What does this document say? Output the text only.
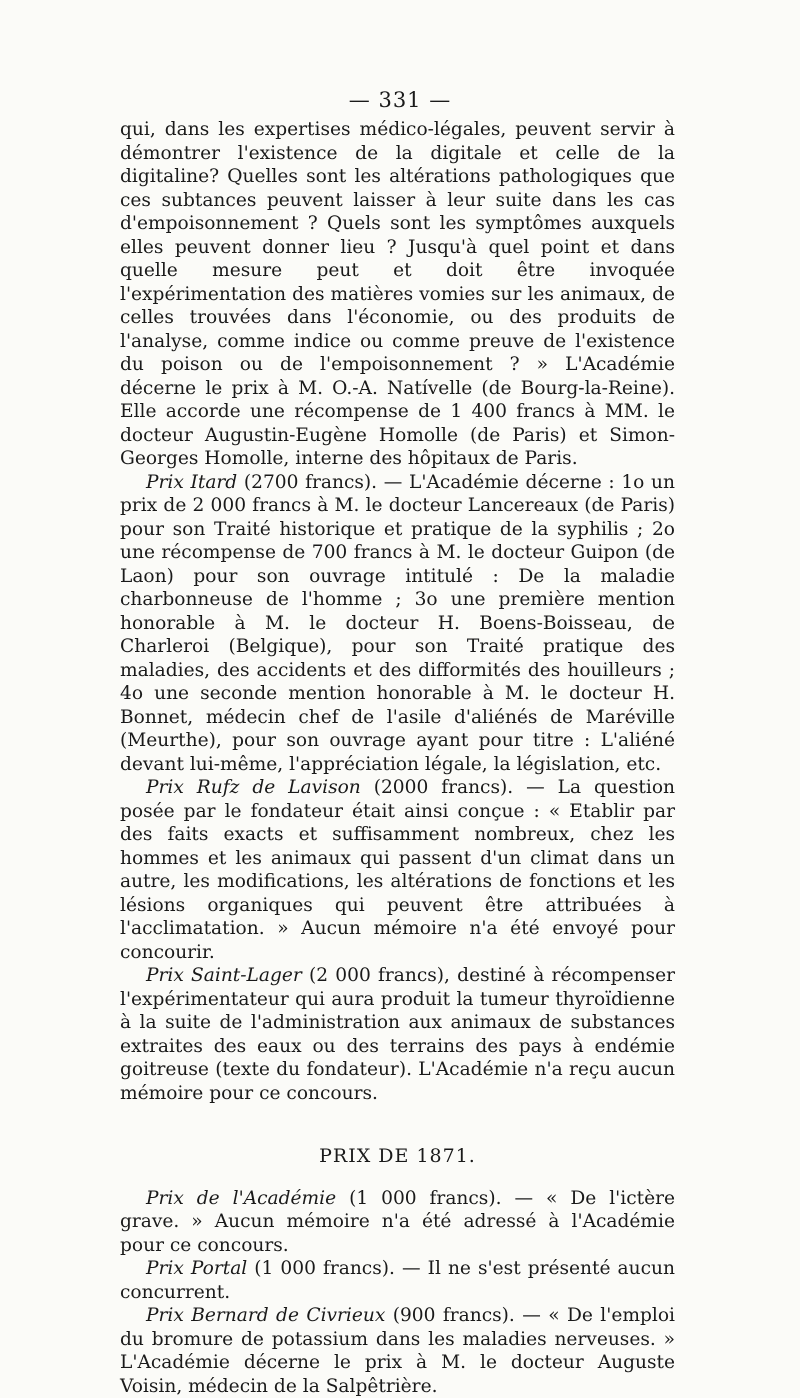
— 331 —

qui, dans les expertises médico-légales, peuvent servir à démontrer l'existence de la digitale et celle de la digitaline? Quelles sont les altérations pathologiques que ces subtances peuvent laisser à leur suite dans les cas d'empoisonnement ? Quels sont les symptômes auxquels elles peuvent donner lieu ? Jusqu'à quel point et dans quelle mesure peut et doit être invoquée l'expérimentation des matières vomies sur les animaux, de celles trouvées dans l'économie, ou des produits de l'analyse, comme indice ou comme preuve de l'existence du poison ou de l'empoisonnement ? » L'Académie décerne le prix à M. O.-A. Natívelle (de Bourg-la-Reine). Elle accorde une récompense de 1 400 francs à MM. le docteur Augustin-Eugène Homolle (de Paris) et Simon-Georges Homolle, interne des hôpitaux de Paris.

Prix Itard (2700 francs). — L'Académie décerne : 1o un prix de 2 000 francs à M. le docteur Lancereaux (de Paris) pour son Traité historique et pratique de la syphilis ; 2o une récompense de 700 francs à M. le docteur Guipon (de Laon) pour son ouvrage intitulé : De la maladie charbonneuse de l'homme ; 3o une première mention honorable à M. le docteur H. Boens-Boisseau, de Charleroi (Belgique), pour son Traité pratique des maladies, des accidents et des difformités des houilleurs ; 4o une seconde mention honorable à M. le docteur H. Bonnet, médecin chef de l'asile d'aliénés de Maréville (Meurthe), pour son ouvrage ayant pour titre : L'aliéné devant lui-même, l'appréciation légale, la législation, etc.

Prix Rufz de Lavison (2000 francs). — La question posée par le fondateur était ainsi conçue : « Etablir par des faits exacts et suffisamment nombreux, chez les hommes et les animaux qui passent d'un climat dans un autre, les modifications, les altérations de fonctions et les lésions organiques qui peuvent être attribuées à l'acclimatation. » Aucun mémoire n'a été envoyé pour concourir.

Prix Saint-Lager (2 000 francs), destiné à récompenser l'expérimentateur qui aura produit la tumeur thyroïdienne à la suite de l'administration aux animaux de substances extraites des eaux ou des terrains des pays à endémie goitreuse (texte du fondateur). L'Académie n'a reçu aucun mémoire pour ce concours.

PRIX DE 1871.

Prix de l'Académie (1 000 francs). — « De l'ictère grave. » Aucun mémoire n'a été adressé à l'Académie pour ce concours.

Prix Portal (1 000 francs). — Il ne s'est présenté aucun concurrent.

Prix Bernard de Civrieux (900 francs). — « De l'emploi du bromure de potassium dans les maladies nerveuses. » L'Académie décerne le prix à M. le docteur Auguste Voisin, médecin de la Salpêtrière.
